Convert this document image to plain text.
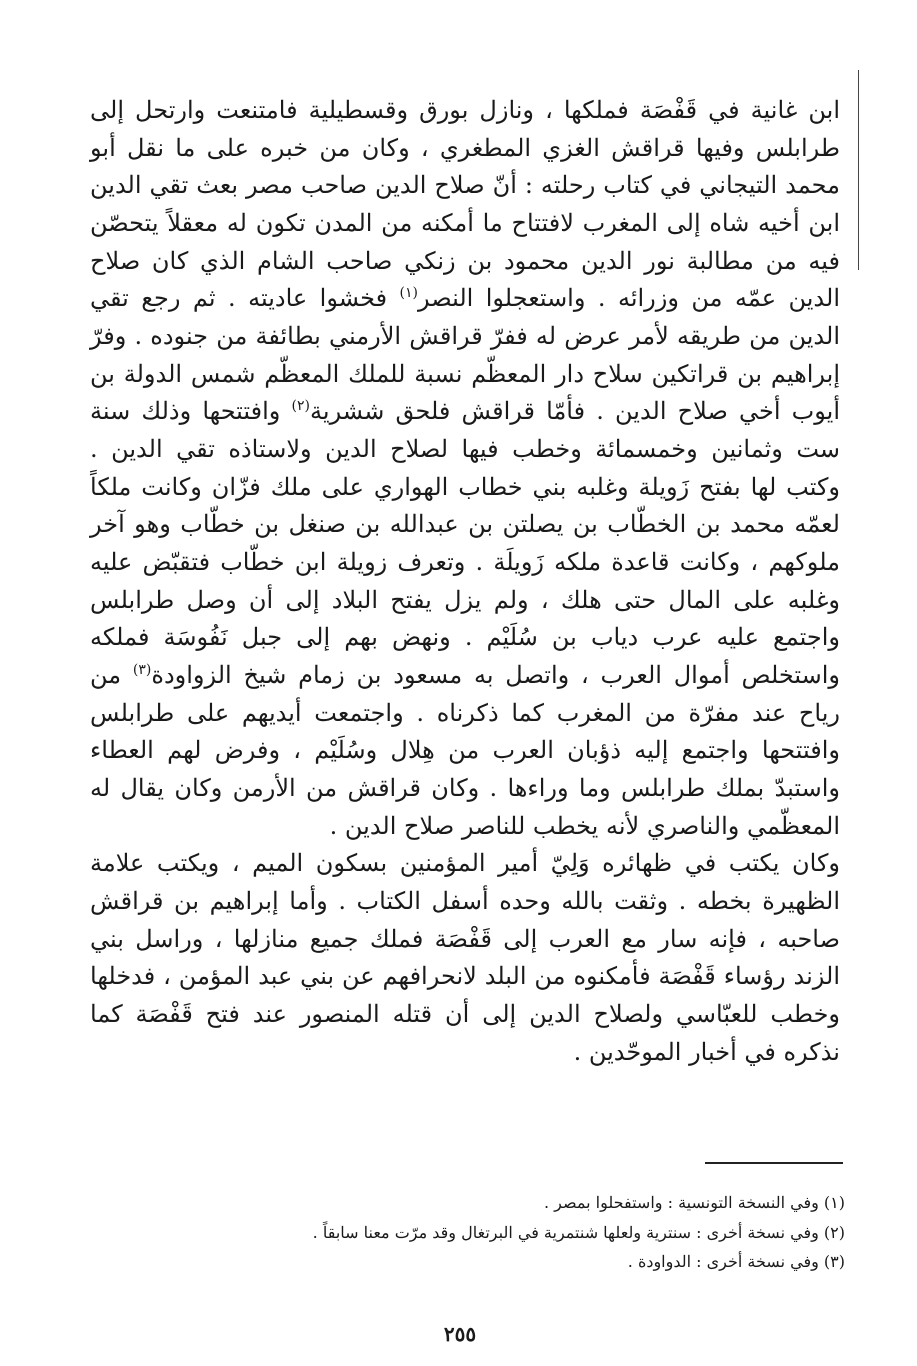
ابن غانية في قَفْصَة فملكها ، ونازل بورق وقسطيلية فامتنعت وارتحل إلى طرابلس وفيها قراقش الغزي المطغري ، وكان من خبره على ما نقل أبو محمد التيجاني في كتاب رحلته : أنّ صلاح الدين صاحب مصر بعث تقي الدين ابن أخيه شاه إلى المغرب لافتتاح ما أمكنه من المدن تكون له معقلاً يتحصّن فيه من مطالبة نور الدين محمود بن زنكي صاحب الشام الذي كان صلاح الدين عمّه من وزرائه . واستعجلوا النصر$^{(١)}$ فخشوا عاديته . ثم رجع تقي الدين من طريقه لأمر عرض له ففرّ قراقش الأرمني بطائفة من جنوده . وفرّ إبراهيم بن قراتكين سلاح دار المعظّم نسبة للملك المعظّم شمس الدولة بن أيوب أخي صلاح الدين . فأمّا قراقش فلحق ششرية$^{(٢)}$ وافتتحها وذلك سنة ست وثمانين وخمسمائة وخطب فيها لصلاح الدين ولاستاذه تقي الدين . وكتب لها بفتح زَويلة وغلبه بني خطاب الهواري على ملك فزّان وكانت ملكاً لعمّه محمد بن الخطّاب بن يصلتن بن عبدالله بن صنغل بن خطّاب وهو آخر ملوكهم ، وكانت قاعدة ملكه زَويلَة . وتعرف زويلة ابن خطّاب فتقبّض عليه وغلبه على المال حتى هلك ، ولم يزل يفتح البلاد إلى أن وصل طرابلس واجتمع عليه عرب دياب بن سُلَيْم . ونهض بهم إلى جبل نَفُوسَة فملكه واستخلص أموال العرب ، واتصل به مسعود بن زمام شيخ الزواودة$^{(٣)}$ من رياح عند مفرّة من المغرب كما ذكرناه . واجتمعت أيديهم على طرابلس وافتتحها واجتمع إليه ذؤبان العرب من هِلال وسُلَيْم ، وفرض لهم العطاء واستبدّ بملك طرابلس وما وراءها . وكان قراقش من الأرمن وكان يقال له المعظّمي والناصري لأنه يخطب للناصر صلاح الدين .

وكان يكتب في ظهائره وَلِيّ أمير المؤمنين بسكون الميم ، ويكتب علامة الظهيرة بخطه . وثقت بالله وحده أسفل الكتاب . وأما إبراهيم بن قراقش صاحبه ، فإنه سار مع العرب إلى قَفْصَة فملك جميع منازلها ، وراسل بني الزند رؤساء قَفْصَة فأمكنوه من البلد لانحرافهم عن بني عبد المؤمن ، فدخلها وخطب للعبّاسي ولصلاح الدين إلى أن قتله المنصور عند فتح قَفْصَة كما نذكره في أخبار الموحّدين .

(١) وفي النسخة التونسية : واستفحلوا بمصر .
(٢) وفي نسخة أخرى : سنترية ولعلها شنتمرية في البرتغال وقد مرّت معنا سابقاً .
(٣) وفي نسخة أخرى : الدواودة .
٢٥٥
